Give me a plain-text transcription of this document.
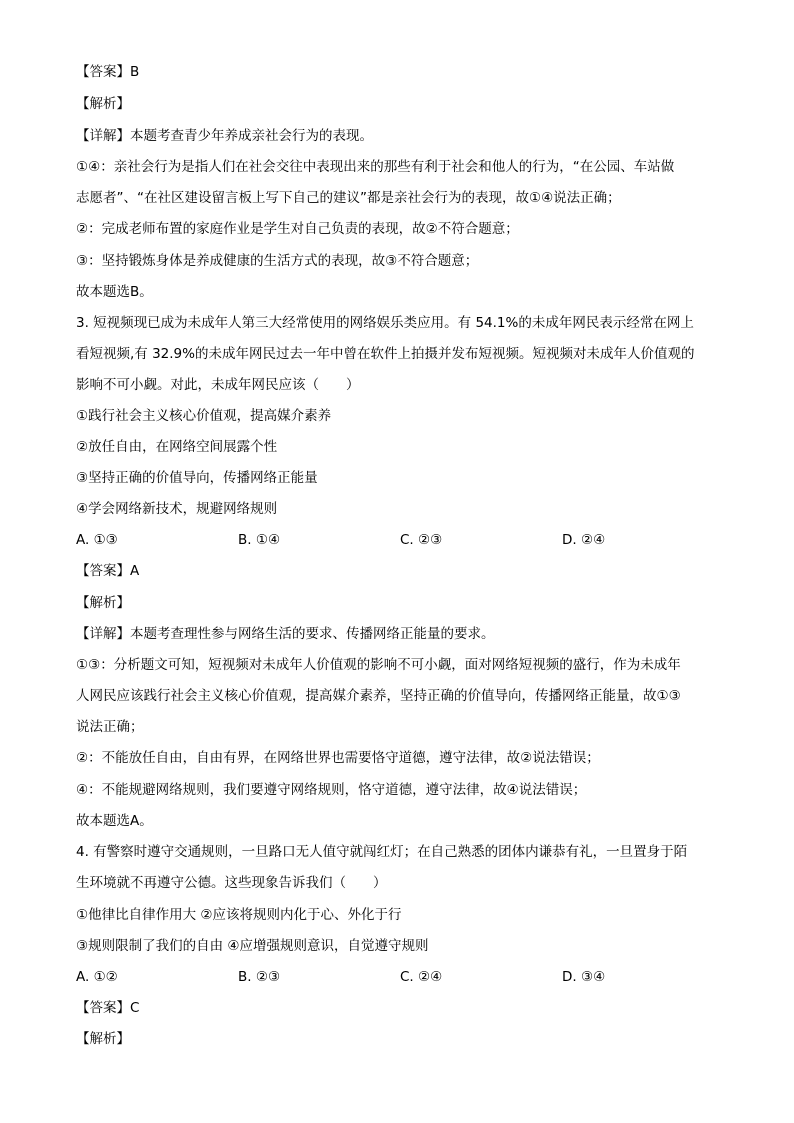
【答案】B
【解析】
【详解】本题考查青少年养成亲社会行为的表现。
①④：亲社会行为是指人们在社会交往中表现出来的那些有利于社会和他人的行为，“在公园、车站做
志愿者”、“在社区建设留言板上写下自己的建议”都是亲社会行为的表现，故①④说法正确；
②：完成老师布置的家庭作业是学生对自己负责的表现，故②不符合题意；
③：坚持锻炼身体是养成健康的生活方式的表现，故③不符合题意；
故本题选B。
3. 短视频现已成为未成年人第三大经常使用的网络娱乐类应用。有 54.1%的未成年网民表示经常在网上
看短视频,有 32.9%的未成年网民过去一年中曾在软件上拍摄并发布短视频。短视频对未成年人价值观的
影响不可小觑。对此，未成年网民应该（　　）
①践行社会主义核心价值观，提高媒介素养
②放任自由，在网络空间展露个性
③坚持正确的价值导向，传播网络正能量
④学会网络新技术，规避网络规则
A. ①③	B. ①④	C. ②③	D. ②④
【答案】A
【解析】
【详解】本题考查理性参与网络生活的要求、传播网络正能量的要求。
①③：分析题文可知，短视频对未成年人价值观的影响不可小觑，面对网络短视频的盛行，作为未成年
人网民应该践行社会主义核心价值观，提高媒介素养，坚持正确的价值导向，传播网络正能量，故①③
说法正确；
②：不能放任自由，自由有界，在网络世界也需要恪守道德，遵守法律，故②说法错误；
④：不能规避网络规则，我们要遵守网络规则，恪守道德，遵守法律，故④说法错误；
故本题选A。
4. 有警察时遵守交通规则，一旦路口无人值守就闯红灯；在自己熟悉的团体内谦恭有礼，一旦置身于陌
生环境就不再遵守公德。这些现象告诉我们（　　）
①他律比自律作用大 ②应该将规则内化于心、外化于行
③规则限制了我们的自由 ④应增强规则意识，自觉遵守规则
A. ①②	B. ②③	C. ②④	D. ③④
【答案】C
【解析】
